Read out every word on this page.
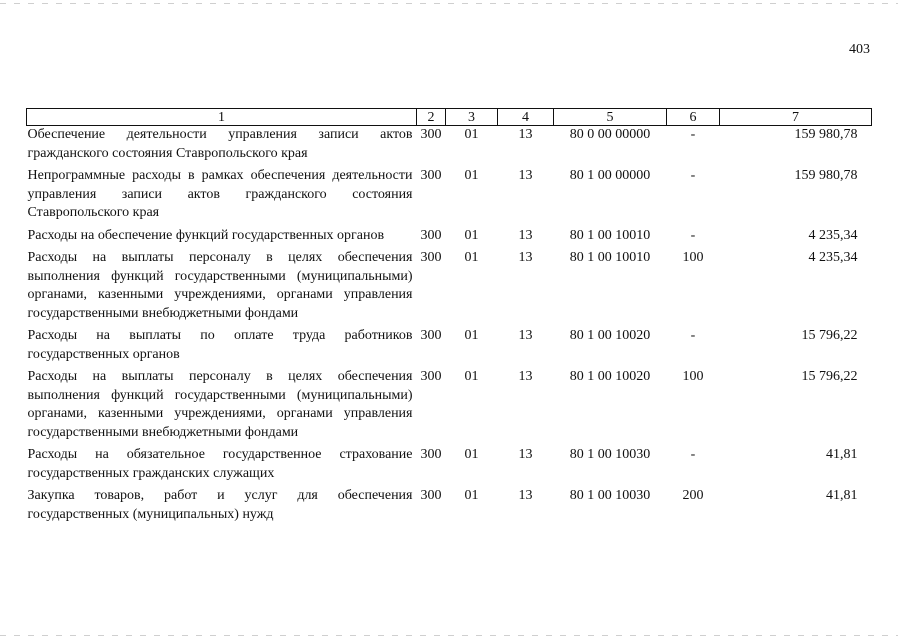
403
1	2	3	4	5	6	7
Обеспечение деятельности управления записи актов гражданского состояния Ставропольского края	300	01	13	80 0 00 00000	-	159 980,78
Непрограммные расходы в рамках обеспечения деятельности управления записи актов гражданского состояния Ставропольского края	300	01	13	80 1 00 00000	-	159 980,78
Расходы на обеспечение функций государственных органов	300	01	13	80 1 00 10010	-	4 235,34
Расходы на выплаты персоналу в целях обеспечения выполнения функций государственными (муниципальными) органами, казенными учреждениями, органами управления государственными внебюджетными фондами	300	01	13	80 1 00 10010	100	4 235,34
Расходы на выплаты по оплате труда работников государственных органов	300	01	13	80 1 00 10020	-	15 796,22
Расходы на выплаты персоналу в целях обеспечения выполнения функций государственными (муниципальными) органами, казенными учреждениями, органами управления государственными внебюджетными фондами	300	01	13	80 1 00 10020	100	15 796,22
Расходы на обязательное государственное страхование государственных гражданских служащих	300	01	13	80 1 00 10030	-	41,81
Закупка товаров, работ и услуг для обеспечения государственных (муниципальных) нужд	300	01	13	80 1 00 10030	200	41,81
